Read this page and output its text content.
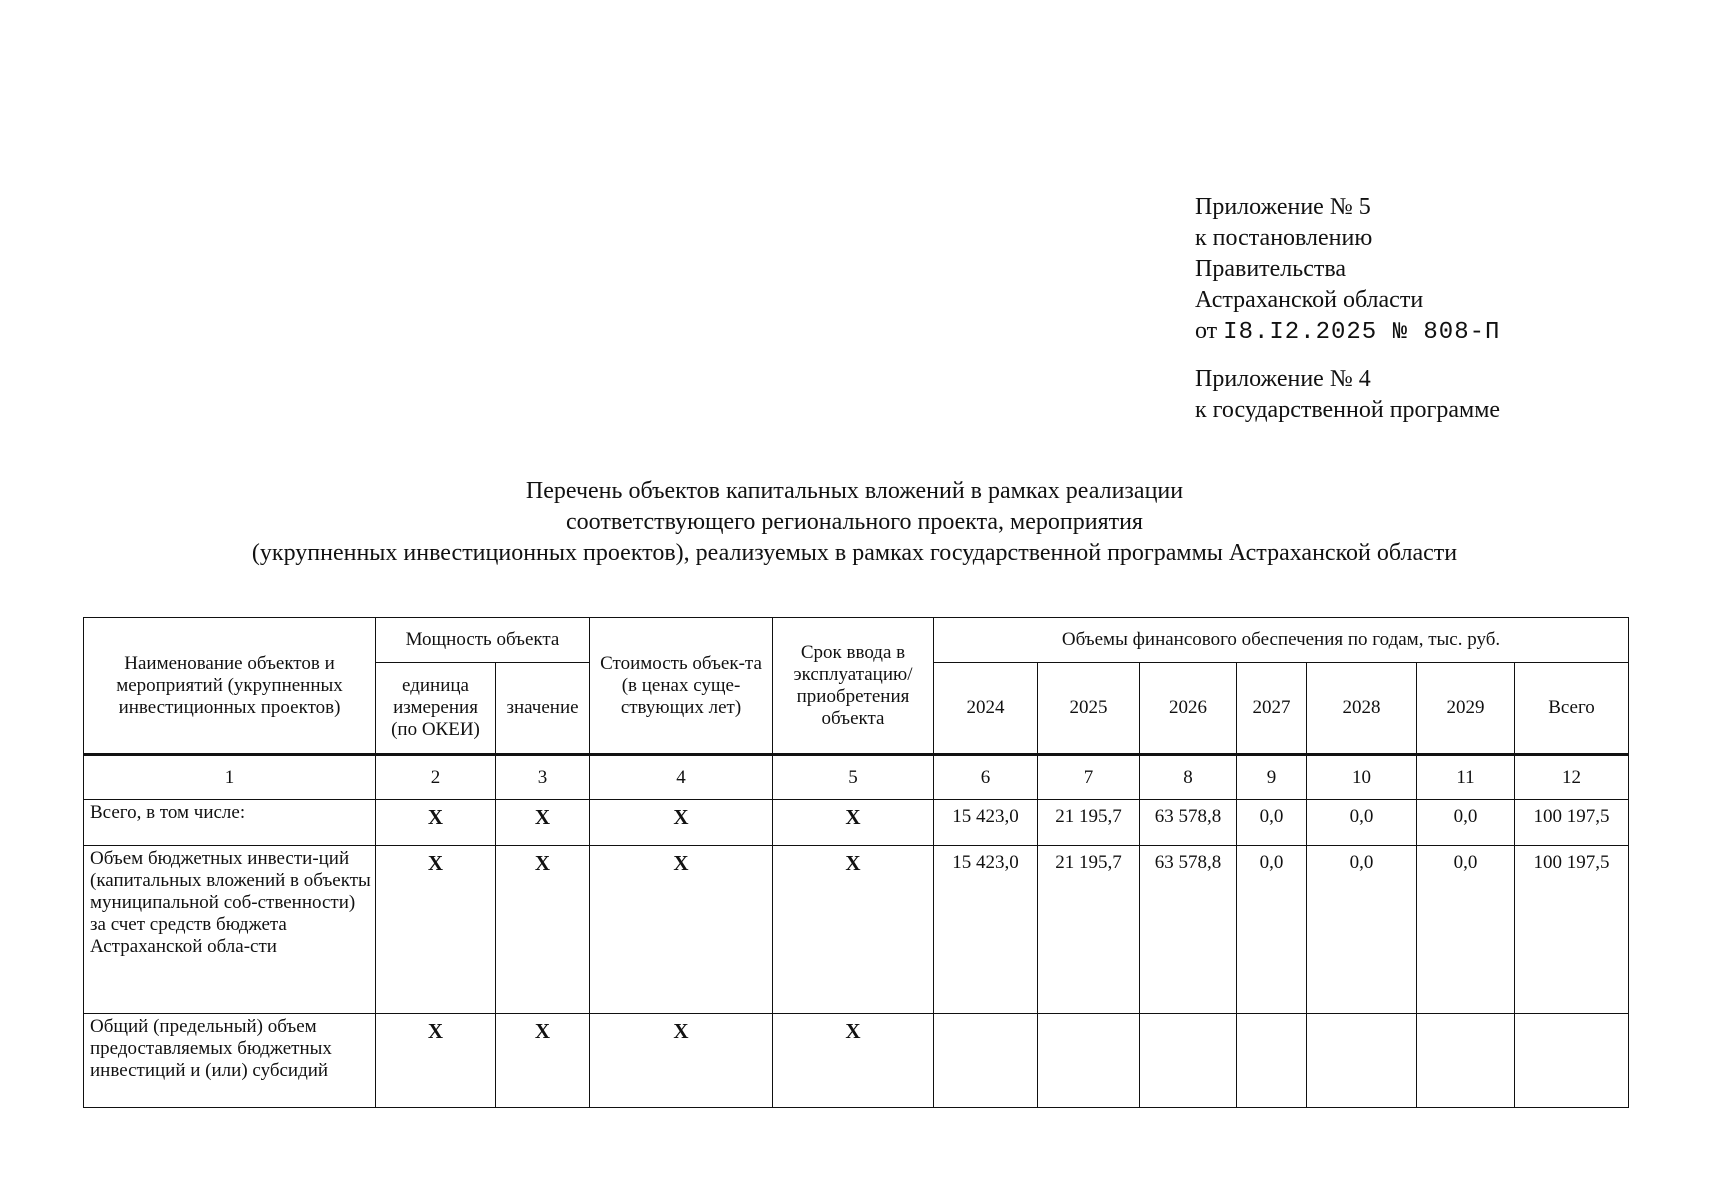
Приложение № 5
к постановлению
Правительства
Астраханской области
от I8.I2.2025 № 808-П
Приложение № 4
к государственной программе
Перечень объектов капитальных вложений в рамках реализации
соответствующего регионального проекта, мероприятия
(укрупненных инвестиционных проектов), реализуемых в рамках государственной программы Астраханской области
Наименование объектов и мероприятий (укрупненных инвестиционных проектов)	Мощность объекта		Стоимость объек-та (в ценах суще-ствующих лет)	Срок ввода в эксплуатацию/ приобретения объекта	Объемы финансового обеспечения по годам, тыс. руб.						
	единица измерения (по ОКЕИ)	значение			2024	2025	2026	2027	2028	2029	Всего
1	2	3	4	5	6	7	8	9	10	11	12
Всего, в том числе:	X	X	X	X	15 423,0	21 195,7	63 578,8	0,0	0,0	0,0	100 197,5
Объем бюджетных инвести-ций (капитальных вложений в объекты муниципальной соб-ственности) за счет средств бюджета Астраханской обла-сти	X	X	X	X	15 423,0	21 195,7	63 578,8	0,0	0,0	0,0	100 197,5
Общий (предельный) объем предоставляемых бюджетных инвестиций и (или) субсидий	X	X	X	X							
